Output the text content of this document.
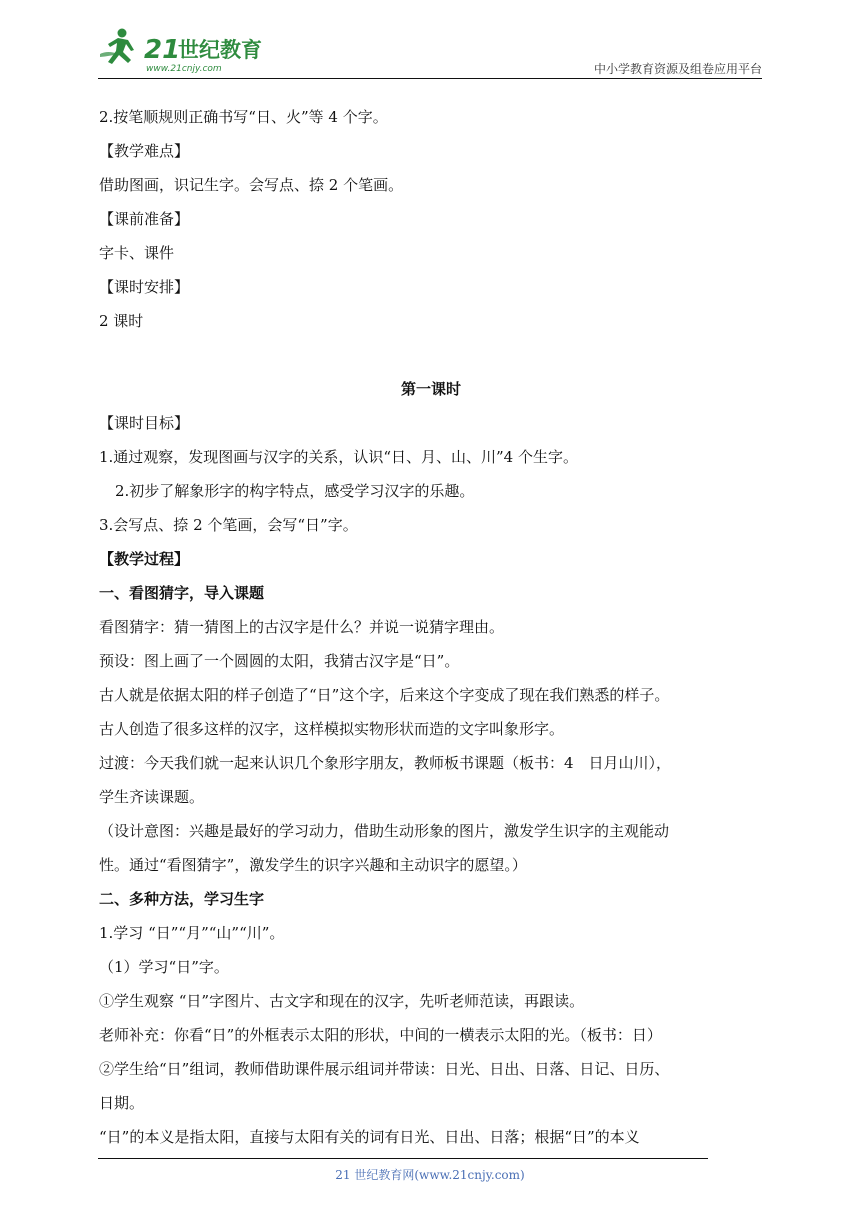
21
世纪教育
www.21cnjy.com	中小学教育资源及组卷应用平台

2.按笔顺规则正确书写“日、火”等 4 个字。

【教学难点】

借助图画，识记生字。会写点、捺 2 个笔画。

【课前准备】

字卡、课件

【课时安排】

2 课时

第一课时

【课时目标】

1.通过观察，发现图画与汉字的关系，认识“日、月、山、川”4 个生字。

2.初步了解象形字的构字特点，感受学习汉字的乐趣。

3.会写点、捺 2 个笔画，会写“日”字。

【教学过程】

一、看图猜字，导入课题

看图猜字：猜一猜图上的古汉字是什么？并说一说猜字理由。

预设：图上画了一个圆圆的太阳，我猜古汉字是“日”。

古人就是依据太阳的样子创造了“日”这个字，后来这个字变成了现在我们熟悉的样子。

古人创造了很多这样的汉字，这样模拟实物形状而造的文字叫象形字。

过渡：今天我们就一起来认识几个象形字朋友，教师板书课题（板书：4　日月山川），

学生齐读课题。

（设计意图：兴趣是最好的学习动力，借助生动形象的图片，激发学生识字的主观能动

性。通过“看图猜字”，激发学生的识字兴趣和主动识字的愿望。）

二、多种方法，学习生字

1.学习 “日”“月”“山”“川”。

（1）学习“日”字。

①学生观察 “日”字图片、古文字和现在的汉字，先听老师范读，再跟读。

老师补充：你看“日”的外框表示太阳的形状，中间的一横表示太阳的光。（板书：日）

②学生给“日”组词，教师借助课件展示组词并带读：日光、日出、日落、日记、日历、

日期。

“日”的本义是指太阳，直接与太阳有关的词有日光、日出、日落；根据“日”的本义

21 世纪教育网(www.21cnjy.com)
